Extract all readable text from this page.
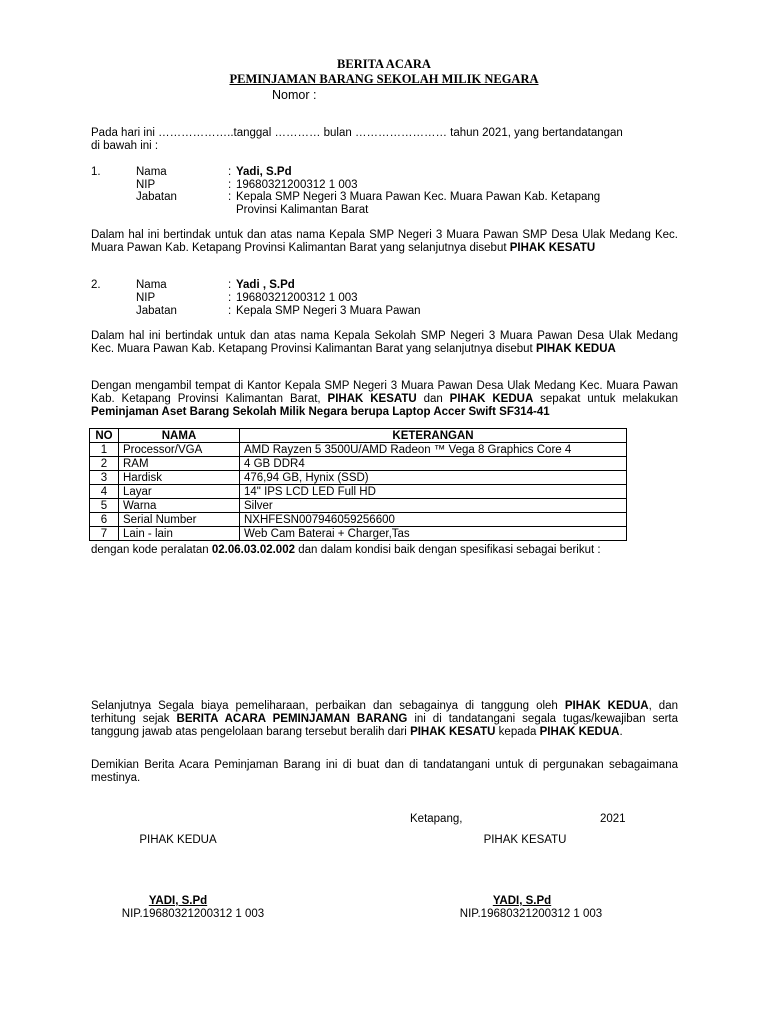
BERITA ACARA
PEMINJAMAN BARANG SEKOLAH MILIK NEGARA
Nomor :
Pada hari ini ………………..tanggal ………… bulan …………………… tahun 2021, yang bertandatangan
di bawah ini :
1.	Nama	: Yadi, S.Pd
NIP	: 19680321200312 1 003
Jabatan	: Kepala SMP Negeri 3 Muara Pawan Kec. Muara Pawan Kab. Ketapang
Provinsi Kalimantan Barat
Dalam hal ini bertindak untuk dan atas nama Kepala SMP Negeri 3 Muara Pawan SMP Desa Ulak Medang Kec. Muara Pawan Kab. Ketapang Provinsi Kalimantan Barat yang selanjutnya disebut PIHAK KESATU
2.	Nama	: Yadi , S.Pd
NIP	: 19680321200312 1 003
Jabatan	: Kepala SMP Negeri 3 Muara Pawan
Dalam hal ini bertindak untuk dan atas nama Kepala Sekolah SMP Negeri 3 Muara Pawan Desa Ulak Medang Kec. Muara Pawan Kab. Ketapang Provinsi Kalimantan Barat yang selanjutnya disebut PIHAK KEDUA
Dengan mengambil tempat di Kantor Kepala SMP Negeri 3 Muara Pawan Desa Ulak Medang Kec. Muara Pawan Kab. Ketapang Provinsi Kalimantan Barat, PIHAK KESATU dan PIHAK KEDUA sepakat untuk melakukan Peminjaman Aset Barang Sekolah Milik Negara berupa Laptop Accer Swift SF314-41
NO	NAMA	KETERANGAN
1	Processor/VGA	AMD Rayzen 5 3500U/AMD Radeon ™ Vega 8 Graphics Core 4
2	RAM	4 GB DDR4
3	Hardisk	476,94 GB, Hynix (SSD)
4	Layar	14" IPS LCD LED Full HD
5	Warna	Silver
6	Serial Number	NXHFESN007946059256600
7	Lain - lain	Web Cam Baterai + Charger,Tas
dengan kode peralatan 02.06.03.02.002 dan dalam kondisi baik dengan spesifikasi sebagai berikut :
Selanjutnya Segala biaya pemeliharaan, perbaikan dan sebagainya di tanggung oleh PIHAK KEDUA, dan terhitung sejak BERITA ACARA PEMINJAMAN BARANG ini di tandatangani segala tugas/kewajiban serta tanggung jawab atas pengelolaan barang tersebut beralih dari PIHAK KESATU kepada PIHAK KEDUA.
Demikian Berita Acara Peminjaman Barang ini di buat dan di tandatangani untuk di pergunakan sebagaimana mestinya.
Ketapang,	2021
PIHAK KEDUA	PIHAK KESATU
YADI, S.Pd	YADI, S.Pd
NIP.19680321200312 1 003	NIP.19680321200312 1 003
